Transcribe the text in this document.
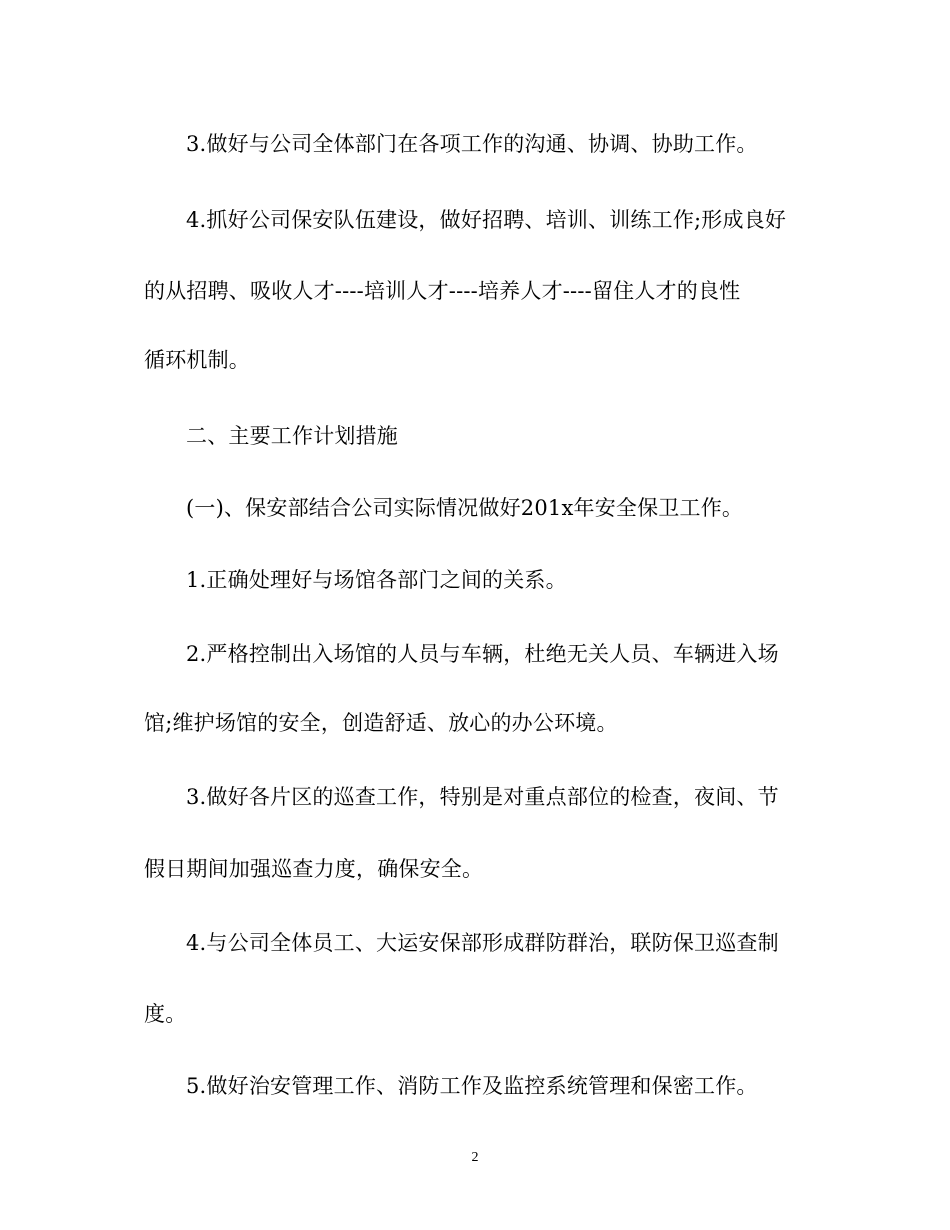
3.做好与公司全体部门在各项工作的沟通、协调、协助工作。
4.抓好公司保安队伍建设，做好招聘、培训、训练工作;形成良好
的从招聘、吸收人才----培训人才----培养人才----留住人才的良性
循环机制。
二、主要工作计划措施
(一)、保安部结合公司实际情况做好201x年安全保卫工作。
1.正确处理好与场馆各部门之间的关系。
2.严格控制出入场馆的人员与车辆，杜绝无关人员、车辆进入场
馆;维护场馆的安全，创造舒适、放心的办公环境。
3.做好各片区的巡查工作，特别是对重点部位的检查，夜间、节
假日期间加强巡查力度，确保安全。
4.与公司全体员工、大运安保部形成群防群治，联防保卫巡查制
度。
5.做好治安管理工作、消防工作及监控系统管理和保密工作。
2
